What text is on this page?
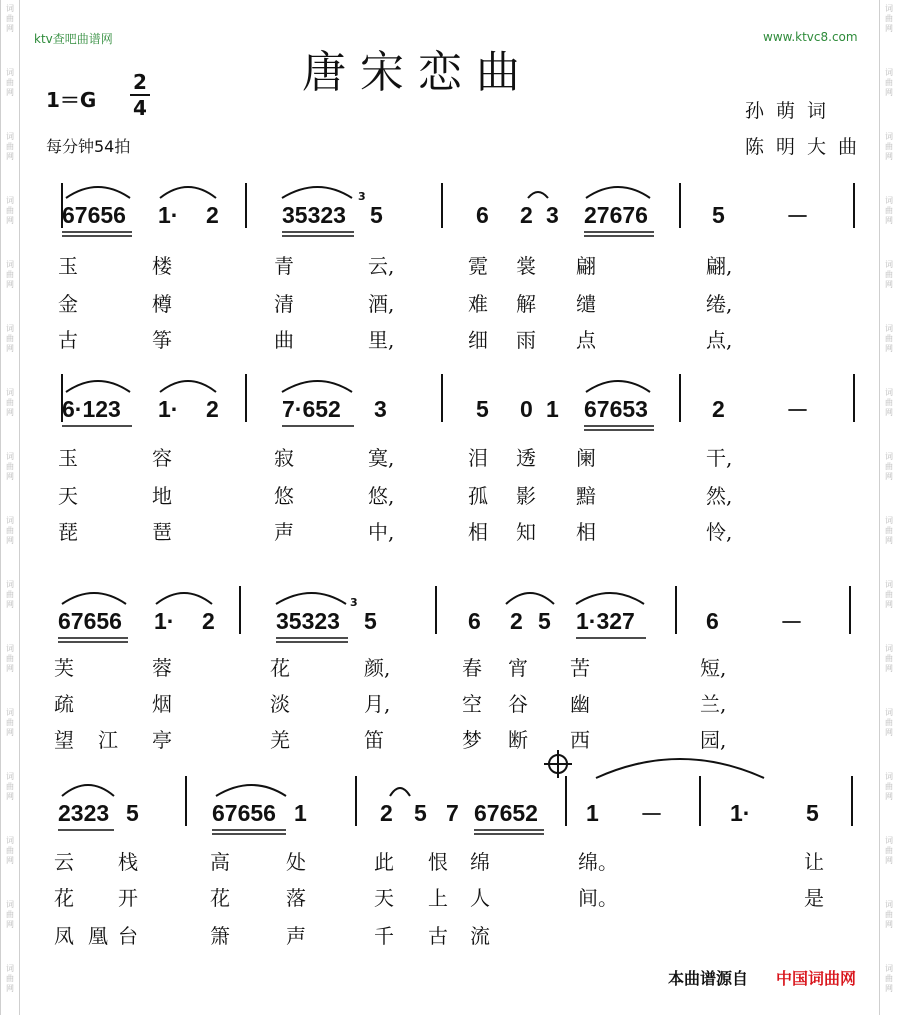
词
曲
网
词
曲
网
词
曲
网
词
曲
网
词
曲
网
词
曲
网
词
曲
网
词
曲
网
词
曲
网
词
曲
网
词
曲
网
词
曲
网
词
曲
网
词
曲
网
词
曲
网
词
曲
网
词
曲
网
词
曲
网
词
曲
网
词
曲
网
词
曲
网
词
曲
网
词
曲
网
词
曲
网
词
曲
网
词
曲
网
词
曲
网
词
曲
网
词
曲
网
词
曲
网
词
曲
网
词
曲
网
ktv查吧曲谱网	www.ktvc8.com
唐宋恋曲
1＝G
2
4
每分钟54拍
孙萌词
陈明大曲
67656 1· 2	35323
3
5	6 2 3 27676	5	－
玉	楼	青	云,	霓 裳 翩	翩,
金	樽	清	酒,	难 解 缱	绻,
古	筝	曲	里,	细 雨 点	点,
6·123 1· 2	7·652 3	5 0 1 67653	2	－
玉	容	寂	寞,	泪 透 阑	干,
天	地	悠	悠,	孤 影 黯	然,
琵	琶	声	中,	相 知 相	怜,
67656 1· 2	35323
3
5	6 2 5 1·327	6	－
芙	蓉	花	颜,	春 宵 苦	短,
疏	烟	淡	月,	空 谷 幽	兰,
望 江 亭	羌	笛	梦 断 西	园,
2323 5	67656 1	2 5 7 67652 1 －	1· 5
云 栈	高	处	此 恨 绵	绵。	让
花 开	花	落	天 上 人	间。	是
凤 凰 台	箫	声	千 古 流
本曲谱源自 中国词曲网
